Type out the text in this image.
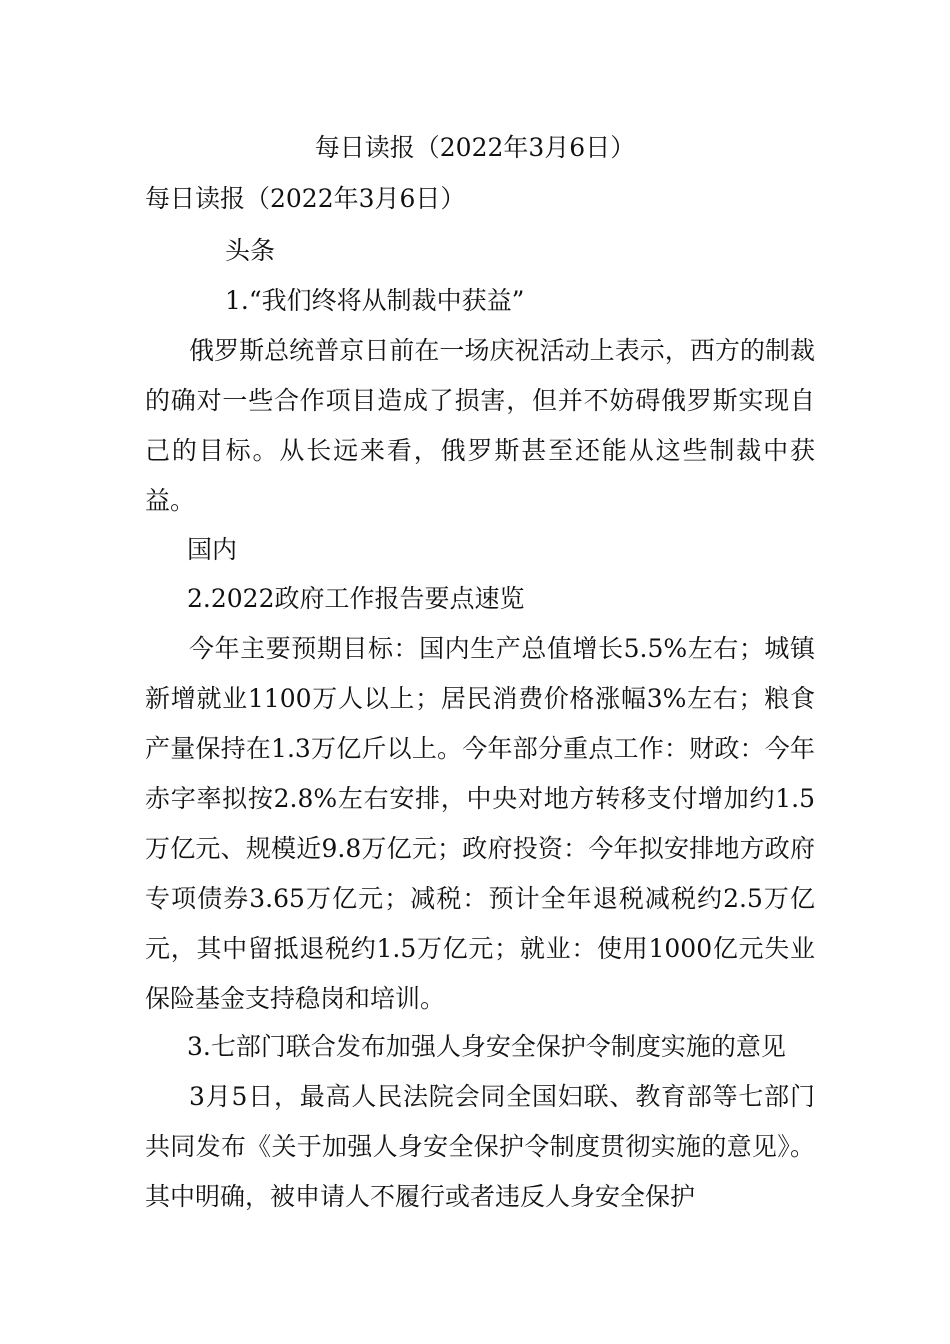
每日读报（2022年3月6日）
每日读报（2022年3月6日）
头条
1.“我们终将从制裁中获益”

俄罗斯总统普京日前在一场庆祝活动上表示，西方的制裁的确对一些合作项目造成了损害，但并不妨碍俄罗斯实现自己的目标。从长远来看，俄罗斯甚至还能从这些制裁中获益。

国内
2.2022政府工作报告要点速览

今年主要预期目标：国内生产总值增长5.5%左右；城镇新增就业1100万人以上；居民消费价格涨幅3%左右；粮食产量保持在1.3万亿斤以上。今年部分重点工作：财政：今年赤字率拟按2.8%左右安排，中央对地方转移支付增加约1.5万亿元、规模近9.8万亿元；政府投资：今年拟安排地方政府专项债券3.65万亿元；减税：预计全年退税减税约2.5万亿元，其中留抵退税约1.5万亿元；就业：使用1000亿元失业保险基金支持稳岗和培训。

3.七部门联合发布加强人身安全保护令制度实施的意见

3月5日，最高人民法院会同全国妇联、教育部等七部门共同发布《关于加强人身安全保护令制度贯彻实施的意见》。其中明确，被申请人不履行或者违反人身安全保护
